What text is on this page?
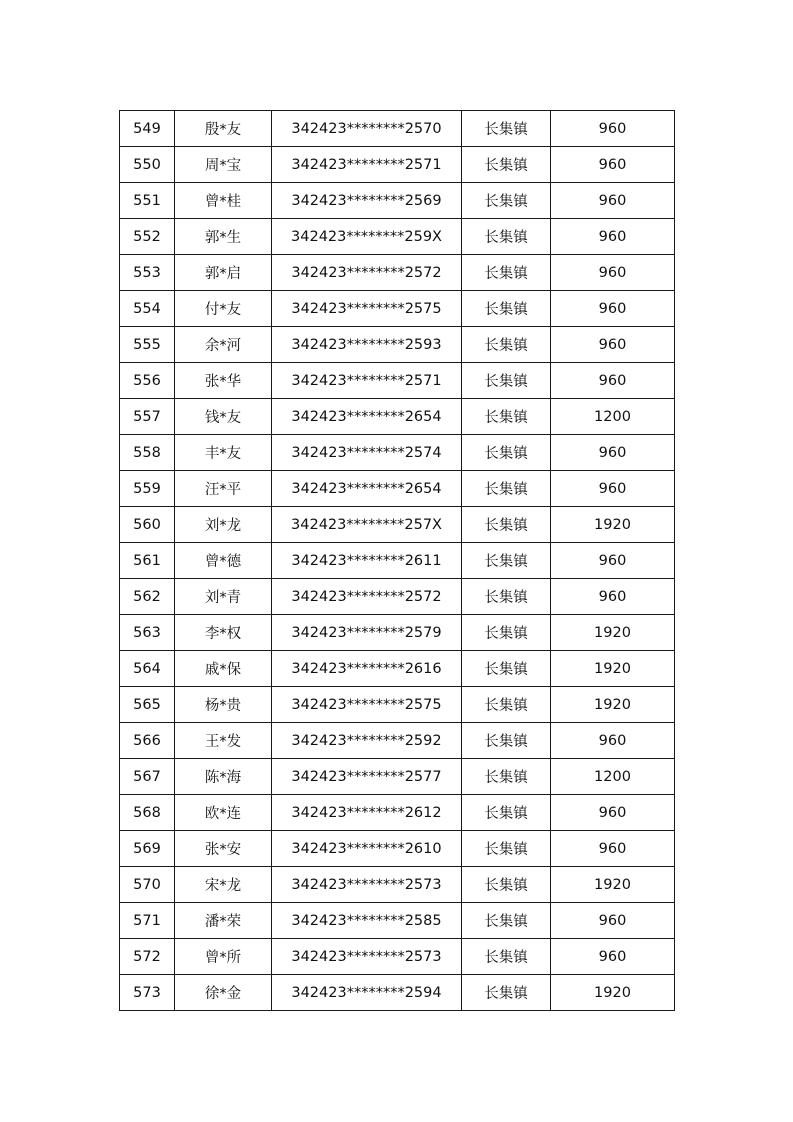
549	殷*友	342423********2570	长集镇	960
550	周*宝	342423********2571	长集镇	960
551	曾*桂	342423********2569	长集镇	960
552	郭*生	342423********259X	长集镇	960
553	郭*启	342423********2572	长集镇	960
554	付*友	342423********2575	长集镇	960
555	余*河	342423********2593	长集镇	960
556	张*华	342423********2571	长集镇	960
557	钱*友	342423********2654	长集镇	1200
558	丰*友	342423********2574	长集镇	960
559	汪*平	342423********2654	长集镇	960
560	刘*龙	342423********257X	长集镇	1920
561	曾*德	342423********2611	长集镇	960
562	刘*青	342423********2572	长集镇	960
563	李*权	342423********2579	长集镇	1920
564	戚*保	342423********2616	长集镇	1920
565	杨*贵	342423********2575	长集镇	1920
566	王*发	342423********2592	长集镇	960
567	陈*海	342423********2577	长集镇	1200
568	欧*连	342423********2612	长集镇	960
569	张*安	342423********2610	长集镇	960
570	宋*龙	342423********2573	长集镇	1920
571	潘*荣	342423********2585	长集镇	960
572	曾*所	342423********2573	长集镇	960
573	徐*金	342423********2594	长集镇	1920
